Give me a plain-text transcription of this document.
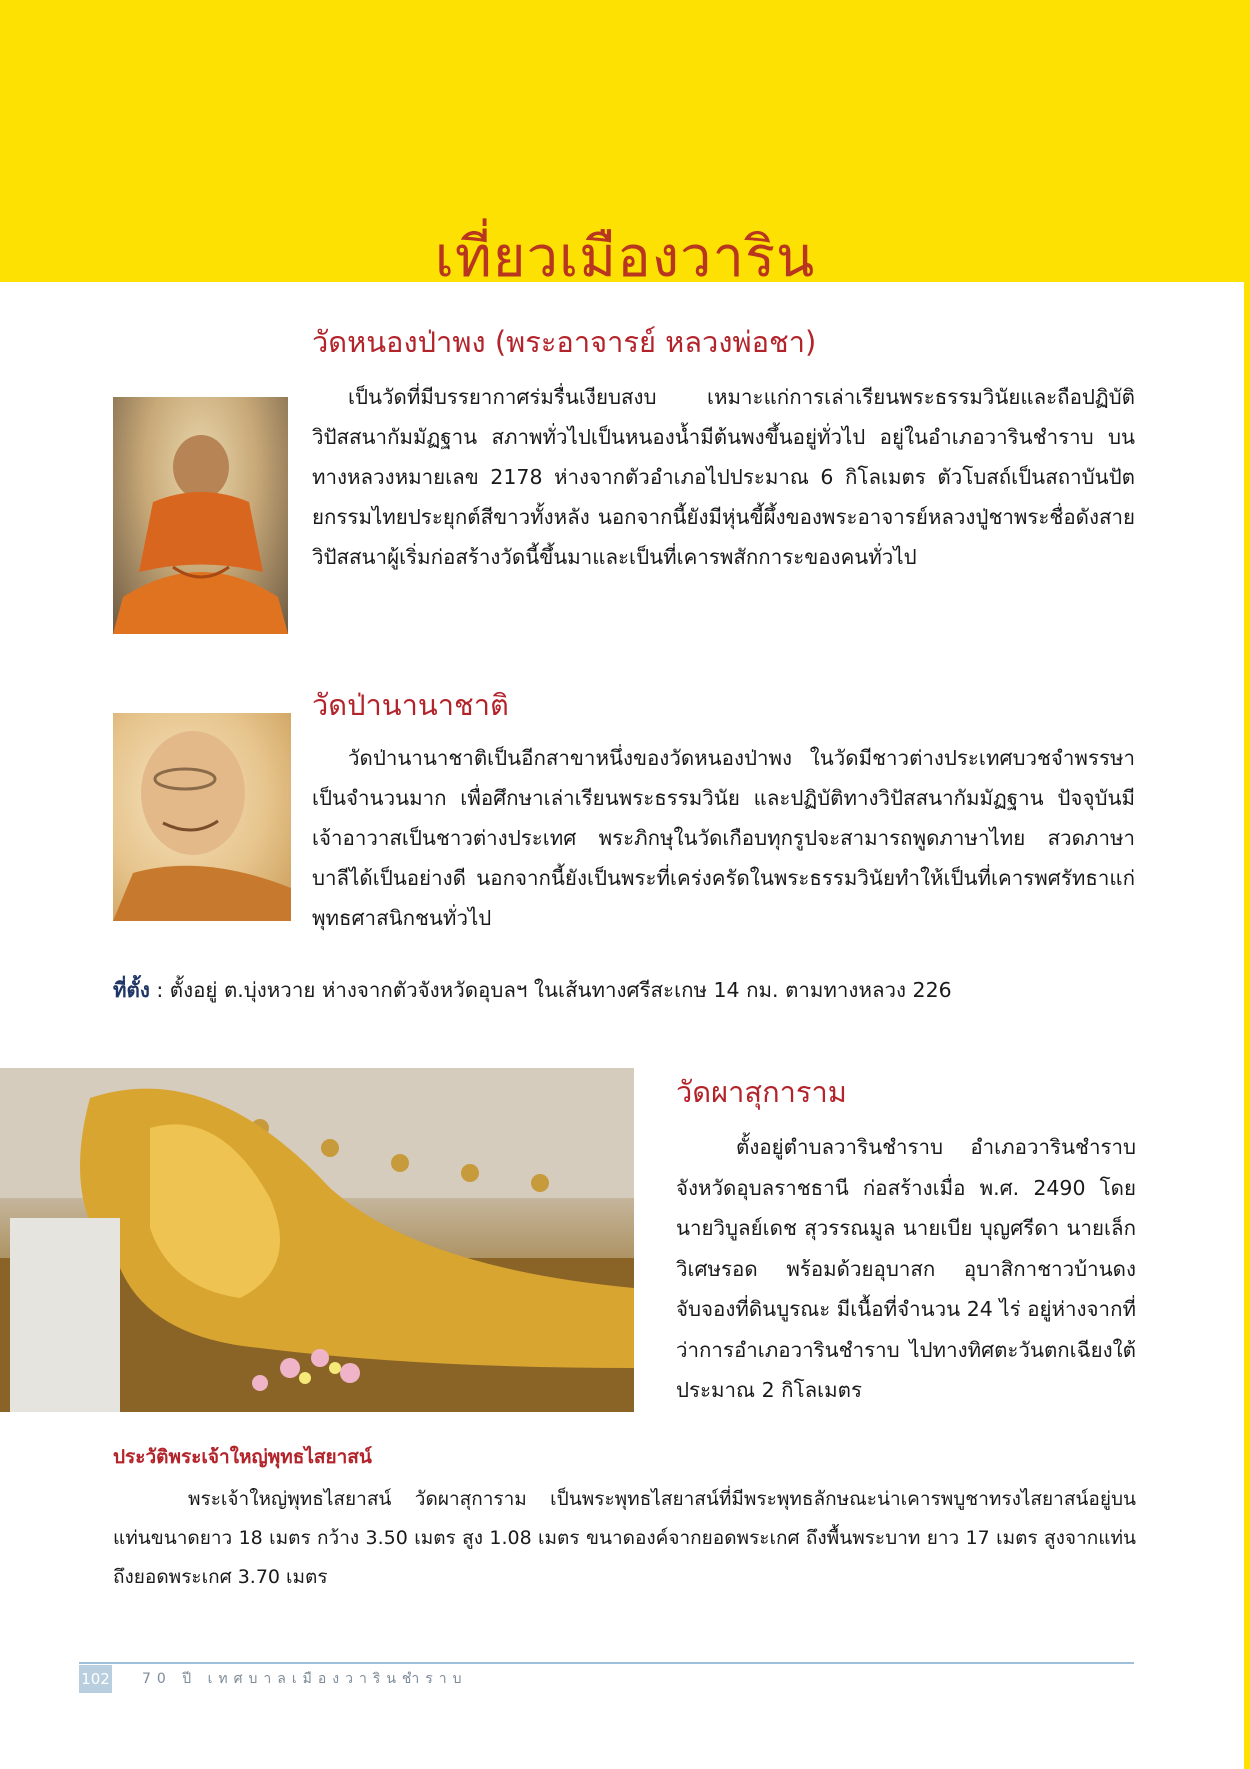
เที่ยวเมืองวาริน
วัดหนองป่าพง (พระอาจารย์ หลวงพ่อชา)

เป็นวัดที่มีบรรยากาศร่มรื่นเงียบสงบ เหมาะแก่การเล่าเรียนพระธรรมวินัยและถือปฏิบัติวิปัสสนากัมมัฏฐาน สภาพทั่วไปเป็นหนองน้ำมีต้นพงขึ้นอยู่ทั่วไป อยู่ในอำเภอวารินชำราบ บนทางหลวงหมายเลข 2178 ห่างจากตัวอำเภอไปประมาณ 6 กิโลเมตร ตัวโบสถ์เป็นสถาบันปัตยกรรมไทยประยุกต์สีขาวทั้งหลัง นอกจากนี้ยังมีหุ่นขี้ผึ้งของพระอาจารย์หลวงปู่ชาพระชื่อดังสายวิปัสสนาผู้เริ่มก่อสร้างวัดนี้ขึ้นมาและเป็นที่เคารพสักการะของคนทั่วไป

วัดป่านานาชาติ

วัดป่านานาชาติเป็นอีกสาขาหนึ่งของวัดหนองป่าพง ในวัดมีชาวต่างประเทศบวชจำพรรษาเป็นจำนวนมาก เพื่อศึกษาเล่าเรียนพระธรรมวินัย และปฏิบัติทางวิปัสสนากัมมัฏฐาน ปัจจุบันมีเจ้าอาวาสเป็นชาวต่างประเทศ พระภิกษุในวัดเกือบทุกรูปจะสามารถพูดภาษาไทย สวดภาษาบาลีได้เป็นอย่างดี นอกจากนี้ยังเป็นพระที่เคร่งครัดในพระธรรมวินัยทำให้เป็นที่เคารพศรัทธาแก่พุทธศาสนิกชนทั่วไป

ที่ตั้ง : ตั้งอยู่ ต.บุ่งหวาย ห่างจากตัวจังหวัดอุบลฯ ในเส้นทางศรีสะเกษ 14 กม. ตามทางหลวง 226

วัดผาสุการาม

ตั้งอยู่ตำบลวารินชำราบ อำเภอวารินชำราบ จังหวัดอุบลราชธานี ก่อสร้างเมื่อ พ.ศ. 2490 โดย นายวิบูลย์เดช สุวรรณมูล นายเบีย บุญศรีดา นายเล็ก วิเศษรอด พร้อมด้วยอุบาสก อุบาสิกาชาวบ้านดง จับจองที่ดินบูรณะ มีเนื้อที่จำนวน 24 ไร่ อยู่ห่างจากที่ว่าการอำเภอวารินชำราบ ไปทางทิศตะวันตกเฉียงใต้ ประมาณ 2 กิโลเมตร

ประวัติพระเจ้าใหญ่พุทธไสยาสน์

พระเจ้าใหญ่พุทธไสยาสน์ วัดผาสุการาม เป็นพระพุทธไสยาสน์ที่มีพระพุทธลักษณะน่าเคารพบูชาทรงไสยาสน์อยู่บนแท่นขนาดยาว 18 เมตร กว้าง 3.50 เมตร สูง 1.08 เมตร ขนาดองค์จากยอดพระเกศ ถึงพื้นพระบาท ยาว 17 เมตร สูงจากแท่นถึงยอดพระเกศ 3.70 เมตร

102 70 ปี เทศบาลเมืองวารินชำราบ
